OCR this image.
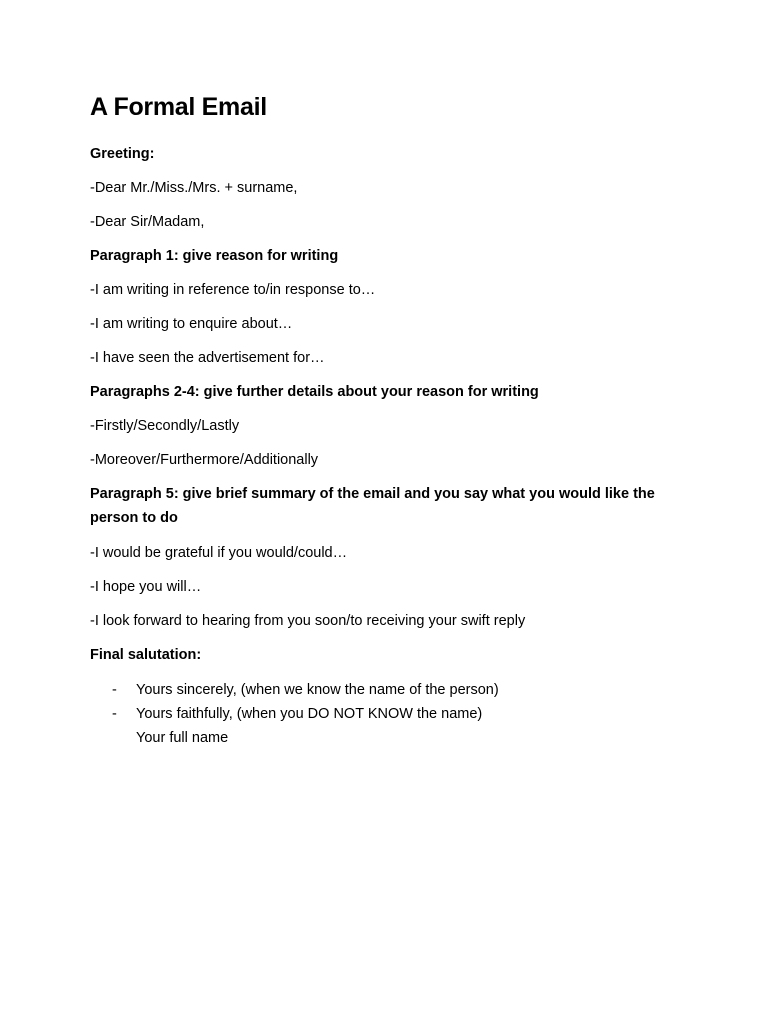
A Formal Email
Greeting:
-Dear Mr./Miss./Mrs. + surname,
-Dear Sir/Madam,
Paragraph 1: give reason for writing
-I am writing in reference to/in response to…
-I am writing to enquire about…
-I have seen the advertisement for…
Paragraphs 2-4: give further details about your reason for writing
-Firstly/Secondly/Lastly
-Moreover/Furthermore/Additionally
Paragraph 5: give brief summary of the email and you say what you would like the person to do
-I would be grateful if you would/could…
-I hope you will…
-I look forward to hearing from you soon/to receiving your swift reply
Final salutation:
- Yours sincerely, (when we know the name of the person)
- Yours faithfully, (when you DO NOT KNOW the name)
Your full name
